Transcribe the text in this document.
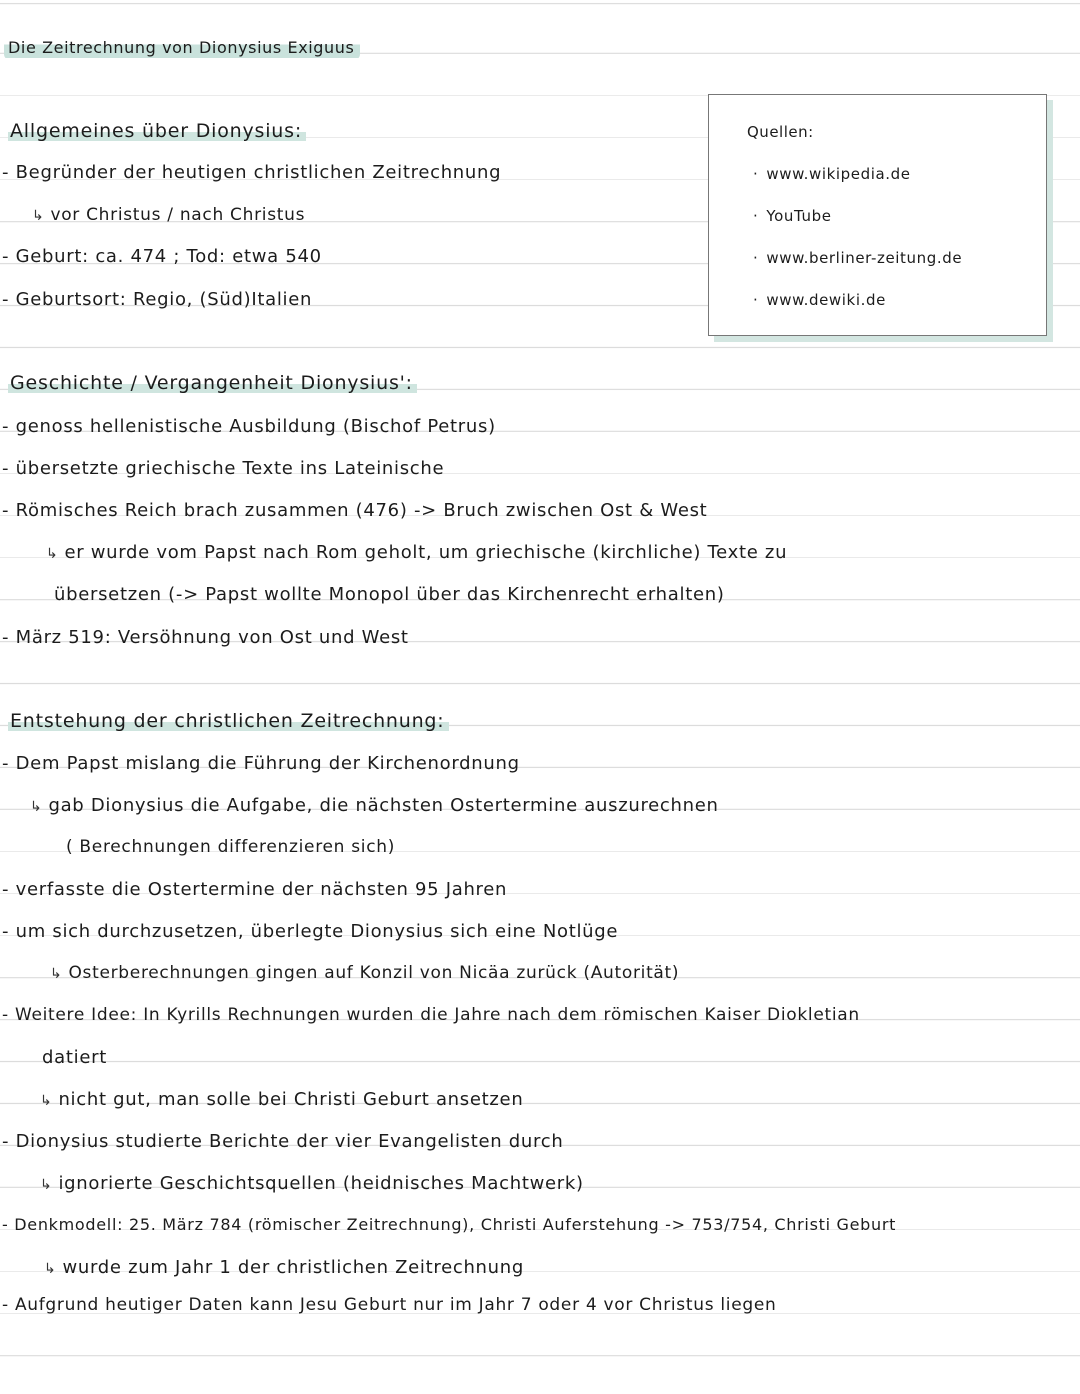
Die Zeitrechnung von Dionysius Exiguus
Quellen:
· www.wikipedia.de
· YouTube
· www.berliner-zeitung.de
· www.dewiki.de
Allgemeines über Dionysius:
- Begründer der heutigen christlichen Zeitrechnung
↳ vor Christus / nach Christus
- Geburt: ca. 474 ; Tod: etwa 540
- Geburtsort: Regio, (Süd)Italien
Geschichte / Vergangenheit Dionysius':
- genoss hellenistische Ausbildung (Bischof Petrus)
- übersetzte griechische Texte ins Lateinische
- Römisches Reich brach zusammen (476) -> Bruch zwischen Ost & West
↳ er wurde vom Papst nach Rom geholt, um griechische (kirchliche) Texte zu
übersetzen (-> Papst wollte Monopol über das Kirchenrecht erhalten)
- März 519: Versöhnung von Ost und West
Entstehung der christlichen Zeitrechnung:
- Dem Papst mislang die Führung der Kirchenordnung
↳ gab Dionysius die Aufgabe, die nächsten Ostertermine auszurechnen
( Berechnungen differenzieren sich)
- verfasste die Ostertermine der nächsten 95 Jahren
- um sich durchzusetzen, überlegte Dionysius sich eine Notlüge
↳ Osterberechnungen gingen auf Konzil von Nicäa zurück (Autorität)
- Weitere Idee: In Kyrills Rechnungen wurden die Jahre nach dem römischen Kaiser Diokletian
datiert
↳ nicht gut, man solle bei Christi Geburt ansetzen
- Dionysius studierte Berichte der vier Evangelisten durch
↳ ignorierte Geschichtsquellen (heidnisches Machtwerk)
- Denkmodell: 25. März 784 (römischer Zeitrechnung), Christi Auferstehung -> 753/754, Christi Geburt
↳ wurde zum Jahr 1 der christlichen Zeitrechnung
- Aufgrund heutiger Daten kann Jesu Geburt nur im Jahr 7 oder 4 vor Christus liegen
